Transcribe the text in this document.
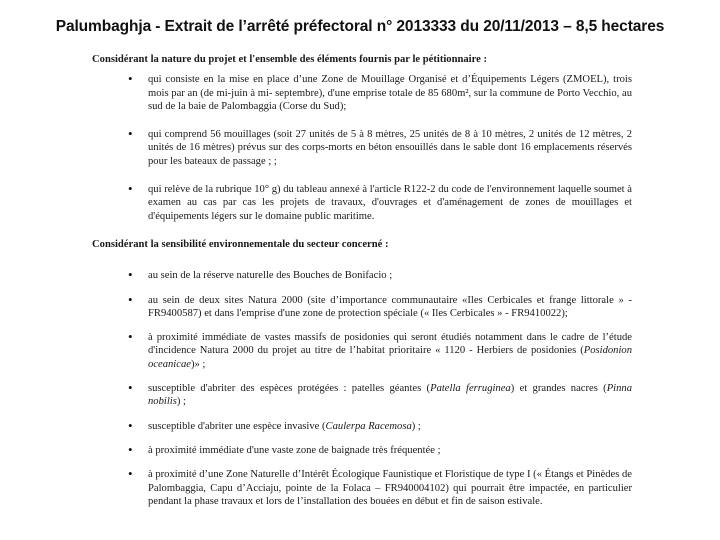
Palumbaghja - Extrait de l’arrêté préfectoral n° 2013333 du 20/11/2013 – 8,5 hectares

Considérant la nature du projet et l'ensemble des éléments fournis par le pétitionnaire :

• qui consiste en la mise en place d’une Zone de Mouillage Organisé et d’Équipements Légers (ZMOEL), trois mois par an (de mi-juin à mi- septembre), d'une emprise totale de 85 680m², sur la commune de Porto Vecchio, au sud de la baie de Palombaggia (Corse du Sud);
• qui comprend 56 mouillages (soit 27 unités de 5 à 8 mètres, 25 unités de 8 à 10 mètres, 2 unités de 12 mètres, 2 unités de 16 mètres) prévus sur des corps-morts en béton ensouillés dans le sable dont 16 emplacements réservés pour les bateaux de passage ; ;
• qui relève de la rubrique 10° g) du tableau annexé à l'article R122-2 du code de l'environnement laquelle soumet à examen au cas par cas les projets de travaux, d'ouvrages et d'aménagement de zones de mouillages et d'équipements légers sur le domaine public maritime.

Considérant la sensibilité environnementale du secteur concerné :

• au sein de la réserve naturelle des Bouches de Bonifacio ;
• au sein de deux sites Natura 2000 (site d’importance communautaire «Iles Cerbicales et frange littorale » - FR9400587) et dans l'emprise d'une zone de protection spéciale (« Iles Cerbicales » - FR9410022);
• à proximité immédiate de vastes massifs de posidonies qui seront étudiés notamment dans le cadre de l’étude d'incidence Natura 2000 du projet au titre de l’habitat prioritaire « 1120 - Herbiers de posidonies (Posidonion oceanicae)» ;
• susceptible d'abriter des espèces protégées : patelles géantes (Patella ferruginea) et grandes nacres (Pinna nobilis) ;
• susceptible d'abriter une espèce invasive (Caulerpa Racemosa) ;
• à proximité immédiate d'une vaste zone de baignade très fréquentée ;
• à proximité d’une Zone Naturelle d’Intérêt Écologique Faunistique et Floristique de type I (« Étangs et Pinèdes de Palombaggia, Capu d’Acciaju, pointe de la Folaca – FR940004102) qui pourrait être impactée, en particulier pendant la phase travaux et lors de l’installation des bouées en début et fin de saison estivale.
